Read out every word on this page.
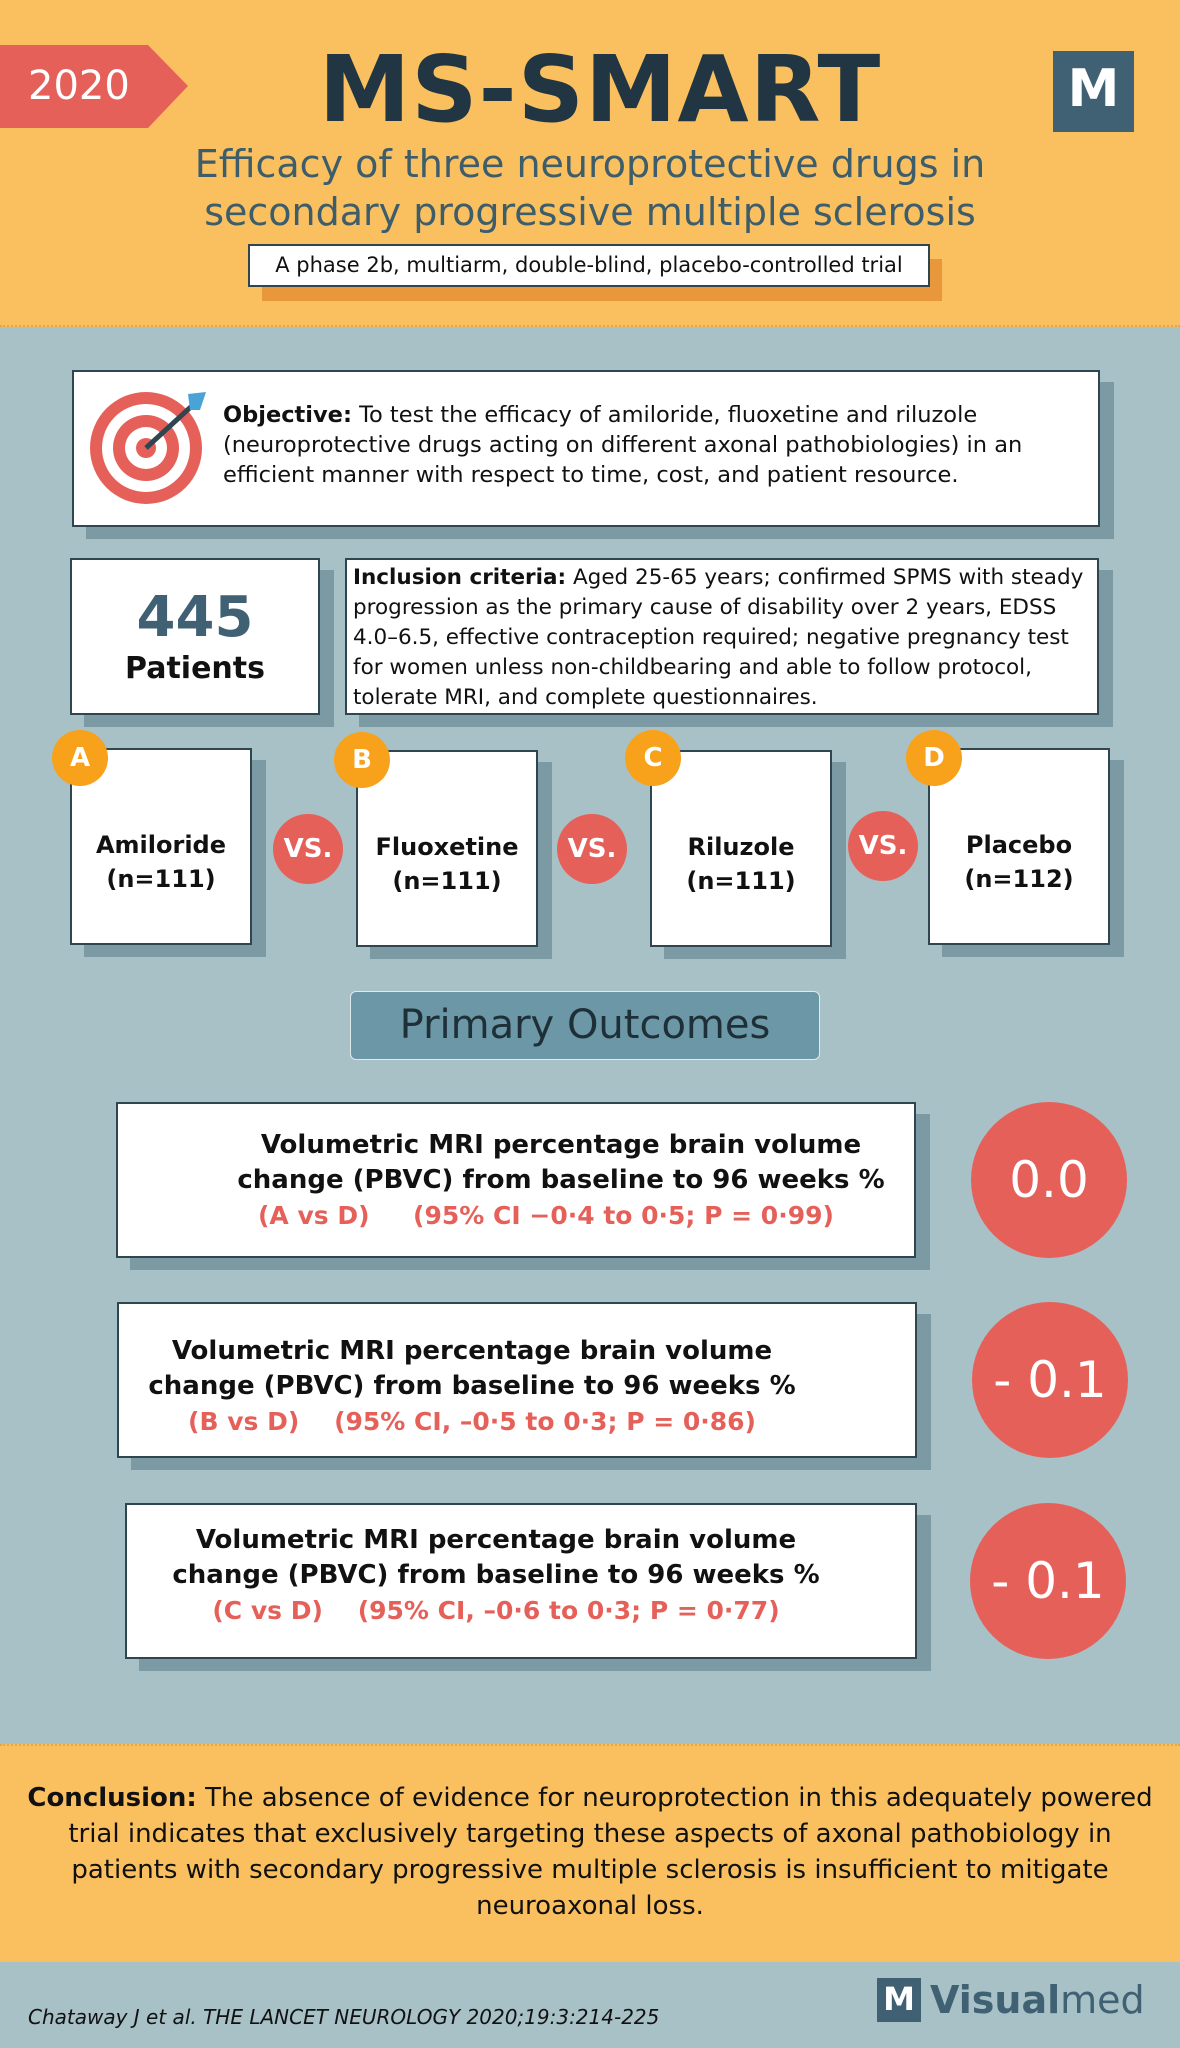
2020 MS-SMART	M
Efficacy of three neuroprotective drugs in
secondary progressive multiple sclerosis
A phase 2b, multiarm, double-blind, placebo-controlled trial
Objective: To test the efficacy of amiloride, fluoxetine and riluzole (neuroprotective drugs acting on different axonal pathobiologies) in an efficient manner with respect to time, cost, and patient resource.
445
Patients
Inclusion criteria: Aged 25-65 years; confirmed SPMS with steady progression as the primary cause of disability over 2 years, EDSS 4.0–6.5, effective contraception required; negative pregnancy test for women unless non-childbearing and able to follow protocol, tolerate MRI, and complete questionnaires.
Amiloride
(n=111)
A
VS.	Fluoxetine
(n=111)
B
VS.	Riluzole
(n=111)
C
VS.	Placebo
(n=112)
D
Primary Outcomes
Volumetric MRI percentage brain volume
change (PBVC) from baseline to 96 weeks %
(A vs D)     (95% CI −0·4 to 0·5; P = 0·99)
0.0
Volumetric MRI percentage brain volume
change (PBVC) from baseline to 96 weeks %
(B vs D)    (95% CI, –0·5 to 0·3; P = 0·86)
- 0.1
Volumetric MRI percentage brain volume
change (PBVC) from baseline to 96 weeks %
(C vs D)    (95% CI, –0·6 to 0·3; P = 0·77)
- 0.1
Conclusion: The absence of evidence for neuroprotection in this adequately powered trial indicates that exclusively targeting these aspects of axonal pathobiology in patients with secondary progressive multiple sclerosis is insufficient to mitigate neuroaxonal loss.
Chataway J et al. THE LANCET NEUROLOGY 2020;19:3:214-225	M Visualmed
